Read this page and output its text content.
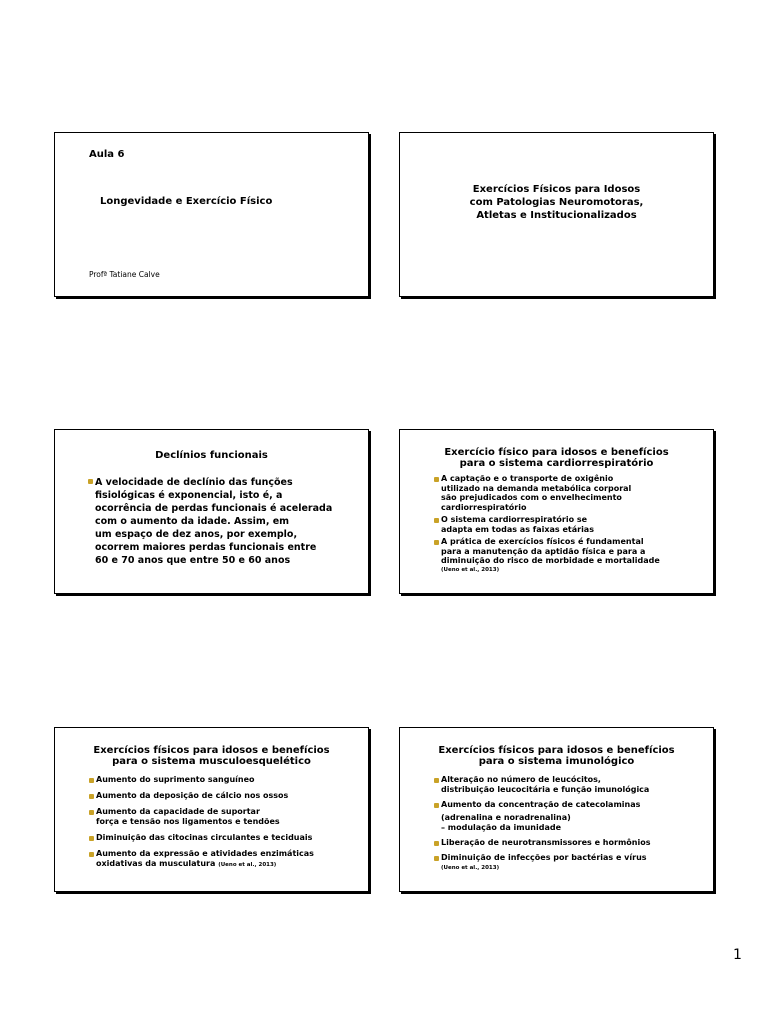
Aula 6
Longevidade e Exercício Físico
Profª Tatiane Calve
Exercícios Físicos para Idosos
com Patologias Neuromotoras,
Atletas e Institucionalizados
Declínios funcionais
A velocidade de declínio das funções
fisiológicas é exponencial, isto é, a
ocorrência de perdas funcionais é acelerada
com o aumento da idade. Assim, em
um espaço de dez anos, por exemplo,
ocorrem maiores perdas funcionais entre
60 e 70 anos que entre 50 e 60 anos
Exercício físico para idosos e benefícios
para o sistema cardiorrespiratório
A captação e o transporte de oxigênio
utilizado na demanda metabólica corporal
são prejudicados com o envelhecimento
cardiorrespiratório
O sistema cardiorrespiratório se
adapta em todas as faixas etárias
A prática de exercícios físicos é fundamental
para a manutenção da aptidão física e para a
diminuição do risco de morbidade e mortalidade
(Ueno et al., 2013)
Exercícios físicos para idosos e benefícios
para o sistema musculoesquelético
Aumento do suprimento sanguíneo
Aumento da deposição de cálcio nos ossos
Aumento da capacidade de suportar
força e tensão nos ligamentos e tendões
Diminuição das citocinas circulantes e teciduais
Aumento da expressão e atividades enzimáticas
oxidativas da musculatura (Ueno et al., 2013)
Exercícios físicos para idosos e benefícios
para o sistema imunológico
Alteração no número de leucócitos,
distribuição leucocitária e função imunológica
Aumento da concentração de catecolaminas
(adrenalina e noradrenalina)
– modulação da imunidade
Liberação de neurotransmissores e hormônios
Diminuição de infecções por bactérias e vírus
(Ueno et al., 2013)
1
